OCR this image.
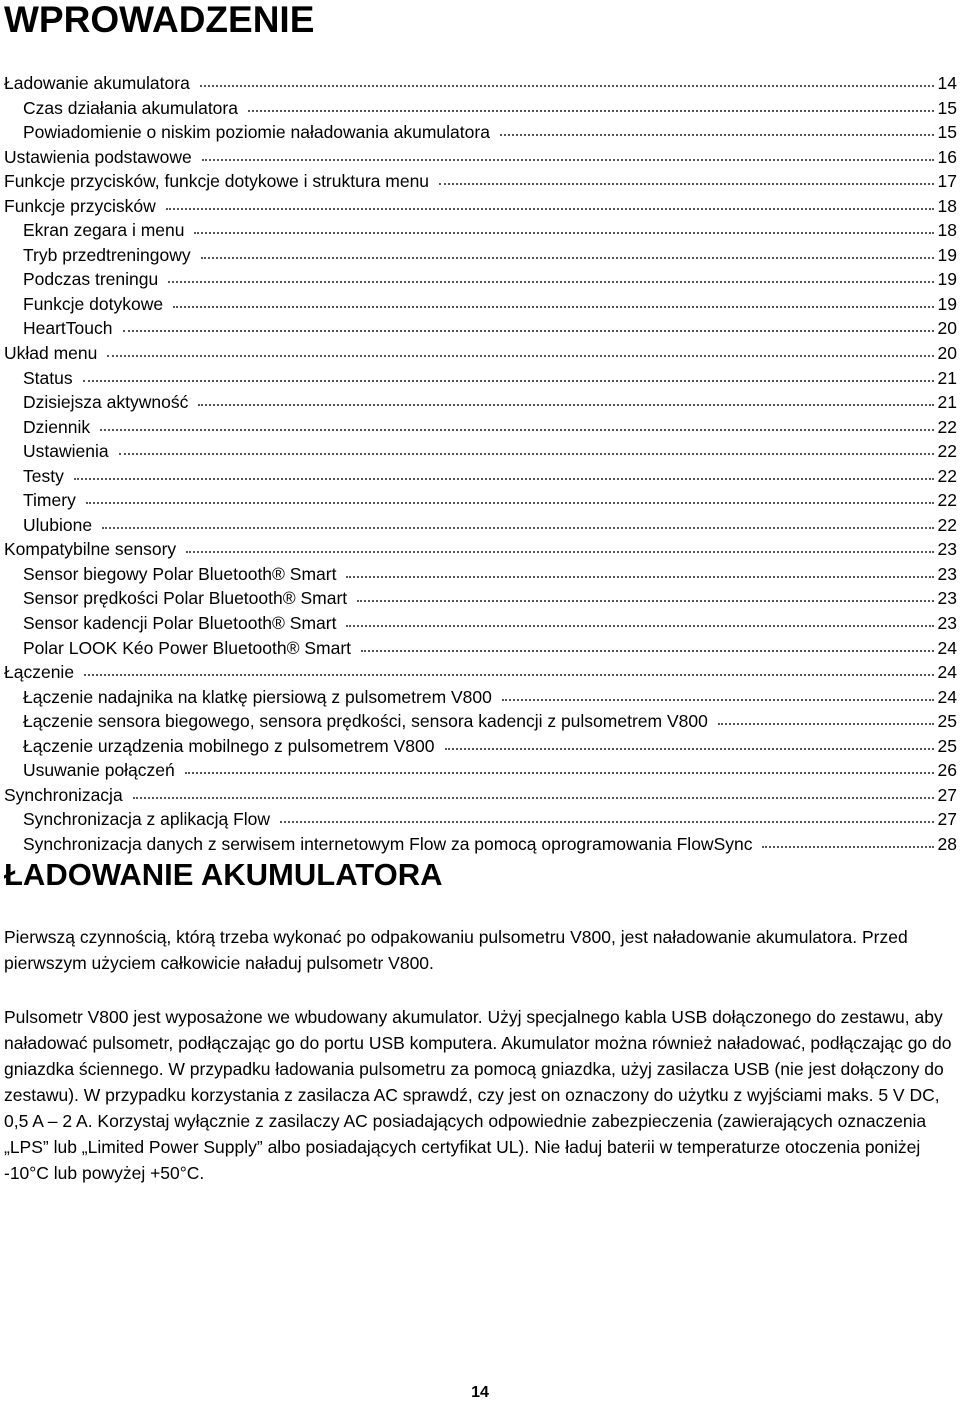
WPROWADZENIE
Ładowanie akumulatora	14
Czas działania akumulatora	15
Powiadomienie o niskim poziomie naładowania akumulatora	15
Ustawienia podstawowe	16
Funkcje przycisków, funkcje dotykowe i struktura menu	17
Funkcje przycisków	18
Ekran zegara i menu	18
Tryb przedtreningowy	19
Podczas treningu	19
Funkcje dotykowe	19
HeartTouch	20
Układ menu	20
Status	21
Dzisiejsza aktywność	21
Dziennik	22
Ustawienia	22
Testy	22
Timery	22
Ulubione	22
Kompatybilne sensory	23
Sensor biegowy Polar Bluetooth® Smart	23
Sensor prędkości Polar Bluetooth® Smart	23
Sensor kadencji Polar Bluetooth® Smart	23
Polar LOOK Kéo Power Bluetooth® Smart	24
Łączenie	24
Łączenie nadajnika na klatkę piersiową z pulsometrem V800	24
Łączenie sensora biegowego, sensora prędkości, sensora kadencji z pulsometrem V800	25
Łączenie urządzenia mobilnego z pulsometrem V800	25
Usuwanie połączeń	26
Synchronizacja	27
Synchronizacja z aplikacją Flow	27
Synchronizacja danych z serwisem internetowym Flow za pomocą oprogramowania FlowSync	28
ŁADOWANIE AKUMULATORA

Pierwszą czynnością, którą trzeba wykonać po odpakowaniu pulsometru V800, jest naładowanie akumulatora. Przed pierwszym użyciem całkowicie naładuj pulsometr V800.

Pulsometr V800 jest wyposażone we wbudowany akumulator. Użyj specjalnego kabla USB dołączonego do zestawu, aby naładować pulsometr, podłączając go do portu USB komputera. Akumulator można również naładować, podłączając go do gniazdka ściennego. W przypadku ładowania pulsometru za pomocą gniazdka, użyj zasilacza USB (nie jest dołączony do zestawu). W przypadku korzystania z zasilacza AC sprawdź, czy jest on oznaczony do użytku z wyjściami maks. 5 V DC, 0,5 A – 2 A. Korzystaj wyłącznie z zasilaczy AC posiadających odpowiednie zabezpieczenia (zawierających oznaczenia „LPS” lub „Limited Power Supply” albo posiadających certyfikat UL). Nie ładuj baterii w temperaturze otoczenia poniżej -10°C lub powyżej +50°C.

14
